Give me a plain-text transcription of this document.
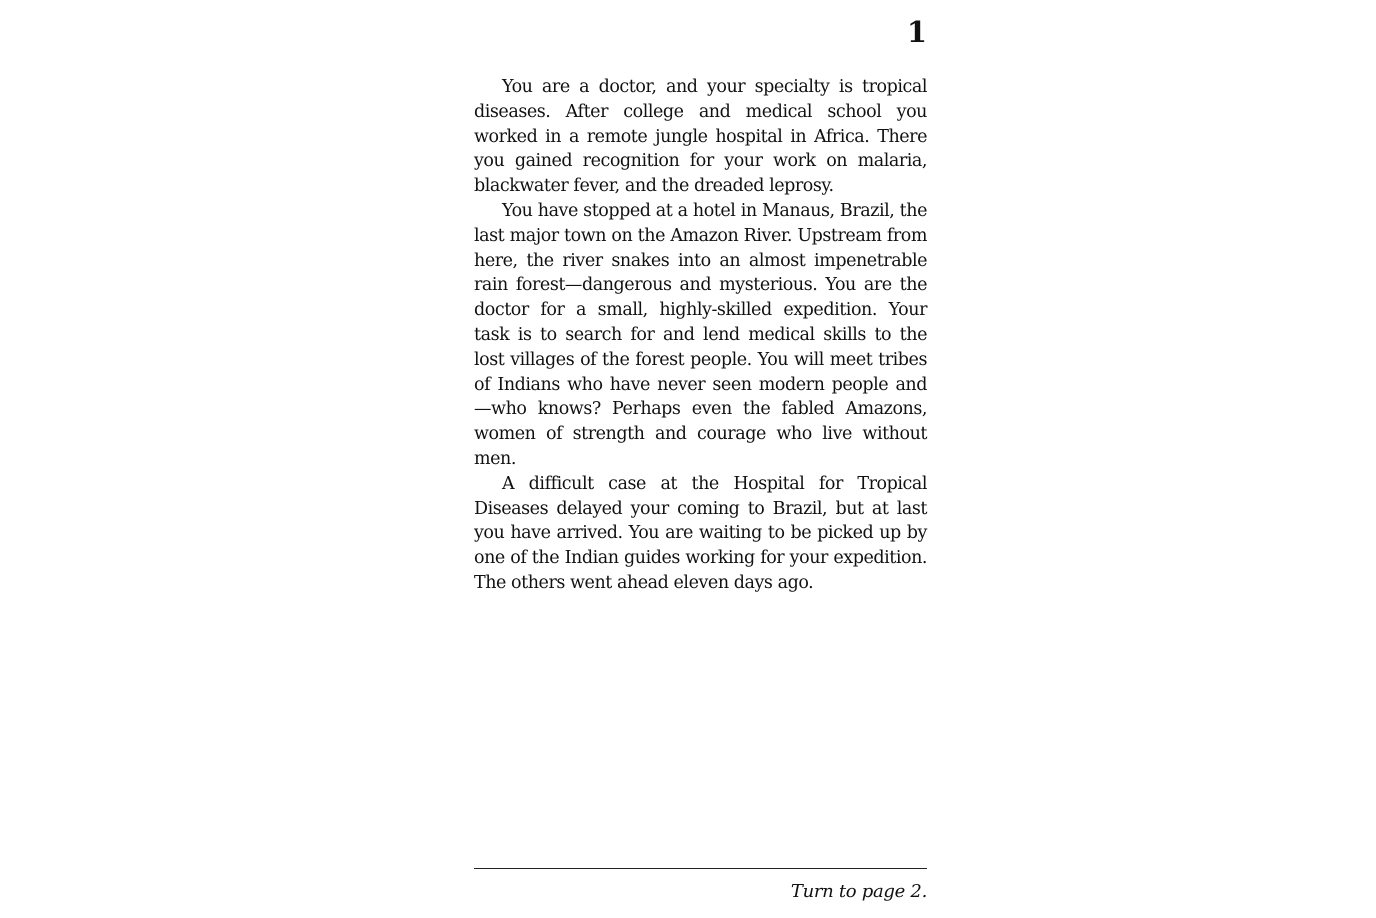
1

You are a doctor, and your specialty is tropical diseases. After college and medical school you worked in a remote jungle hospital in Africa. There you gained recognition for your work on malaria, blackwater fever, and the dreaded leprosy.

You have stopped at a hotel in Manaus, Brazil, the last major town on the Amazon River. Upstream from here, the river snakes into an almost impenetrable rain forest—dangerous and mysterious. You are the doctor for a small, highly-skilled expedition. Your task is to search for and lend medical skills to the lost villages of the forest people. You will meet tribes of Indians who have never seen modern people and—who knows? Perhaps even the fabled Amazons, women of strength and courage who live without men.

A difficult case at the Hospital for Tropical Diseases delayed your coming to Brazil, but at last you have arrived. You are waiting to be picked up by one of the Indian guides working for your expedition. The others went ahead eleven days ago.

Turn to page 2.
